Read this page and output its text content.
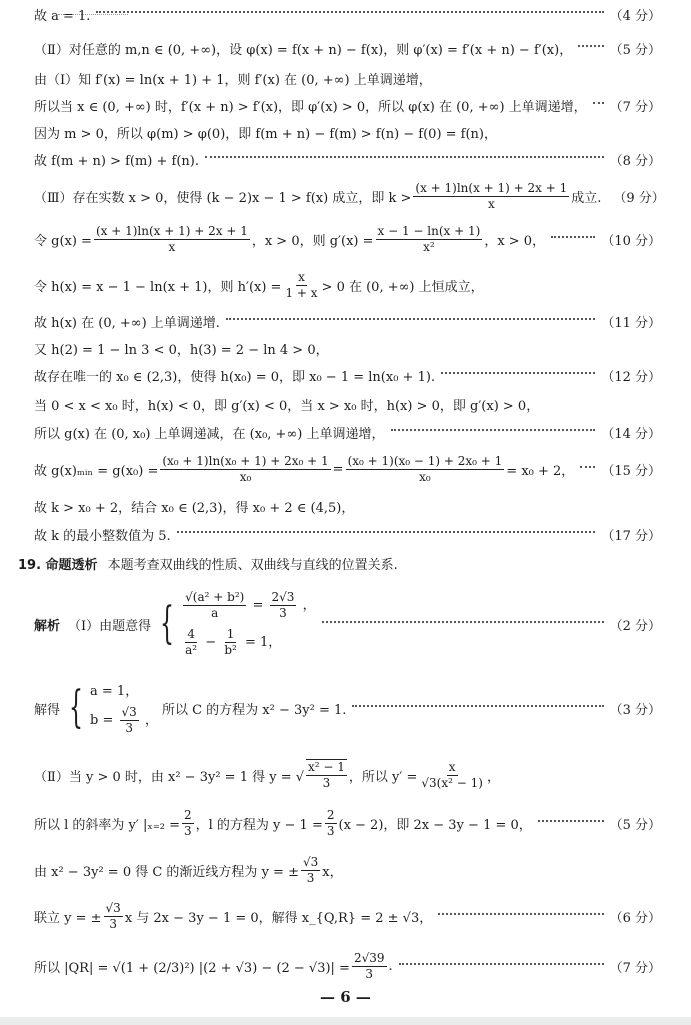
故 a = 1.	（4 分）
（Ⅱ）对任意的 m,n ∈ (0, +∞)，设 φ(x) = f(x + n) − f(x)，则 φ′(x) = f′(x + n) − f′(x)，	（5 分）
由（Ⅰ）知 f′(x) = ln(x + 1) + 1，则 f′(x) 在 (0, +∞) 上单调递增，
所以当 x ∈ (0, +∞) 时，f′(x + n) > f′(x)，即 φ′(x) > 0，所以 φ(x) 在 (0, +∞) 上单调递增， （7 分）
因为 m > 0，所以 φ(m) > φ(0)，即 f(m + n) − f(m) > f(n) − f(0) = f(n)，
故 f(m + n) > f(m) + f(n).	（8 分）
（Ⅲ）存在实数 x > 0，使得 (k − 2)x − 1 > f(x) 成立，即 $k > \frac{(x + 1)\ln(x + 1) + 2x + 1}{x}$ 成立. （9 分）
令 $g(x) = \frac{(x + 1)\ln(x + 1) + 2x + 1}{x}$ ，x > 0，则 $g'(x) = \frac{x - 1 - \ln(x + 1)}{\text{x²}}$ ，x > 0，	（10 分）
令 h(x) = x − 1 − ln(x + 1)，则 $h'(x) = \frac{x}{1 + x} > 0$ 在 (0, +∞) 上恒成立，
故 h(x) 在 (0, +∞) 上单调递增.	（11 分）
又 h(2) = 1 − ln 3 < 0，h(3) = 2 − ln 4 > 0，
故存在唯一的 x₀ ∈ (2,3)，使得 h(x₀) = 0，即 x₀ − 1 = ln(x₀ + 1).	（12 分）
当 0 < x < x₀ 时，h(x) < 0，即 g′(x) < 0，当 x > x₀ 时，h(x) > 0，即 g′(x) > 0，
所以 g(x) 在 (0, x₀) 上单调递减，在 (x₀, +∞) 上单调递增，	（14 分）
故 g(x)ₘᵢₙ = $g(x_0) = \frac{\text{(x₀ + 1)ln(x₀ + 1) + 2x₀ + 1}}{\text{x₀}} = \frac{\text{(x₀ + 1)(x₀ − 1) + 2x₀ + 1}}{\text{x₀}} = x_0 + 2$， （15 分）
故 k > x₀ + 2，结合 x₀ ∈ (2,3)，得 x₀ + 2 ∈ (4,5)，
故 k 的最小整数值为 5.	（17 分）
19. 命题透析 本题考查双曲线的性质、双曲线与直线的位置关系.
解析 （Ⅰ）由题意得 { $\frac{\text{√(a² + b²)}}{a} = \frac{2√3}{3}$ ，
$\frac{4}{\text{a²}} - \frac{1}{\text{b²}} = 1$，
（2 分）
解得 { a = 1，
$b = \frac{√3}{3}$ ，
所以 C 的方程为 x² − 3y² = 1.	（3 分）
（Ⅱ）当 y > 0 时，由 x² − 3y² = 1 得 y = √ $\frac{\text{x² − 1}}{3}$ ，所以 $y' = \frac{x}{\text{√3(x² − 1)}}$ ，
所以 l 的斜率为 y′ $|_{x=2} = \frac{2}{3}$ ，l 的方程为 $y - 1 = \frac{2}{3} (x - 2)$，即 2x − 3y − 1 = 0，	（5 分）
由 x² − 3y² = 0 得 C 的渐近线方程为 y = ± $\frac{√3}{3}$ x，
联立 y = ± $\frac{√3}{3}$ x 与 2x − 3y − 1 = 0，解得 x_{Q,R} = 2 ± √3，	（6 分）
所以 |QR| = √(1 + (2/3)²) $|(2 + √3) - (2 - √3)| = \frac{2√39}{3}$ .	（7 分）
— 6 —
